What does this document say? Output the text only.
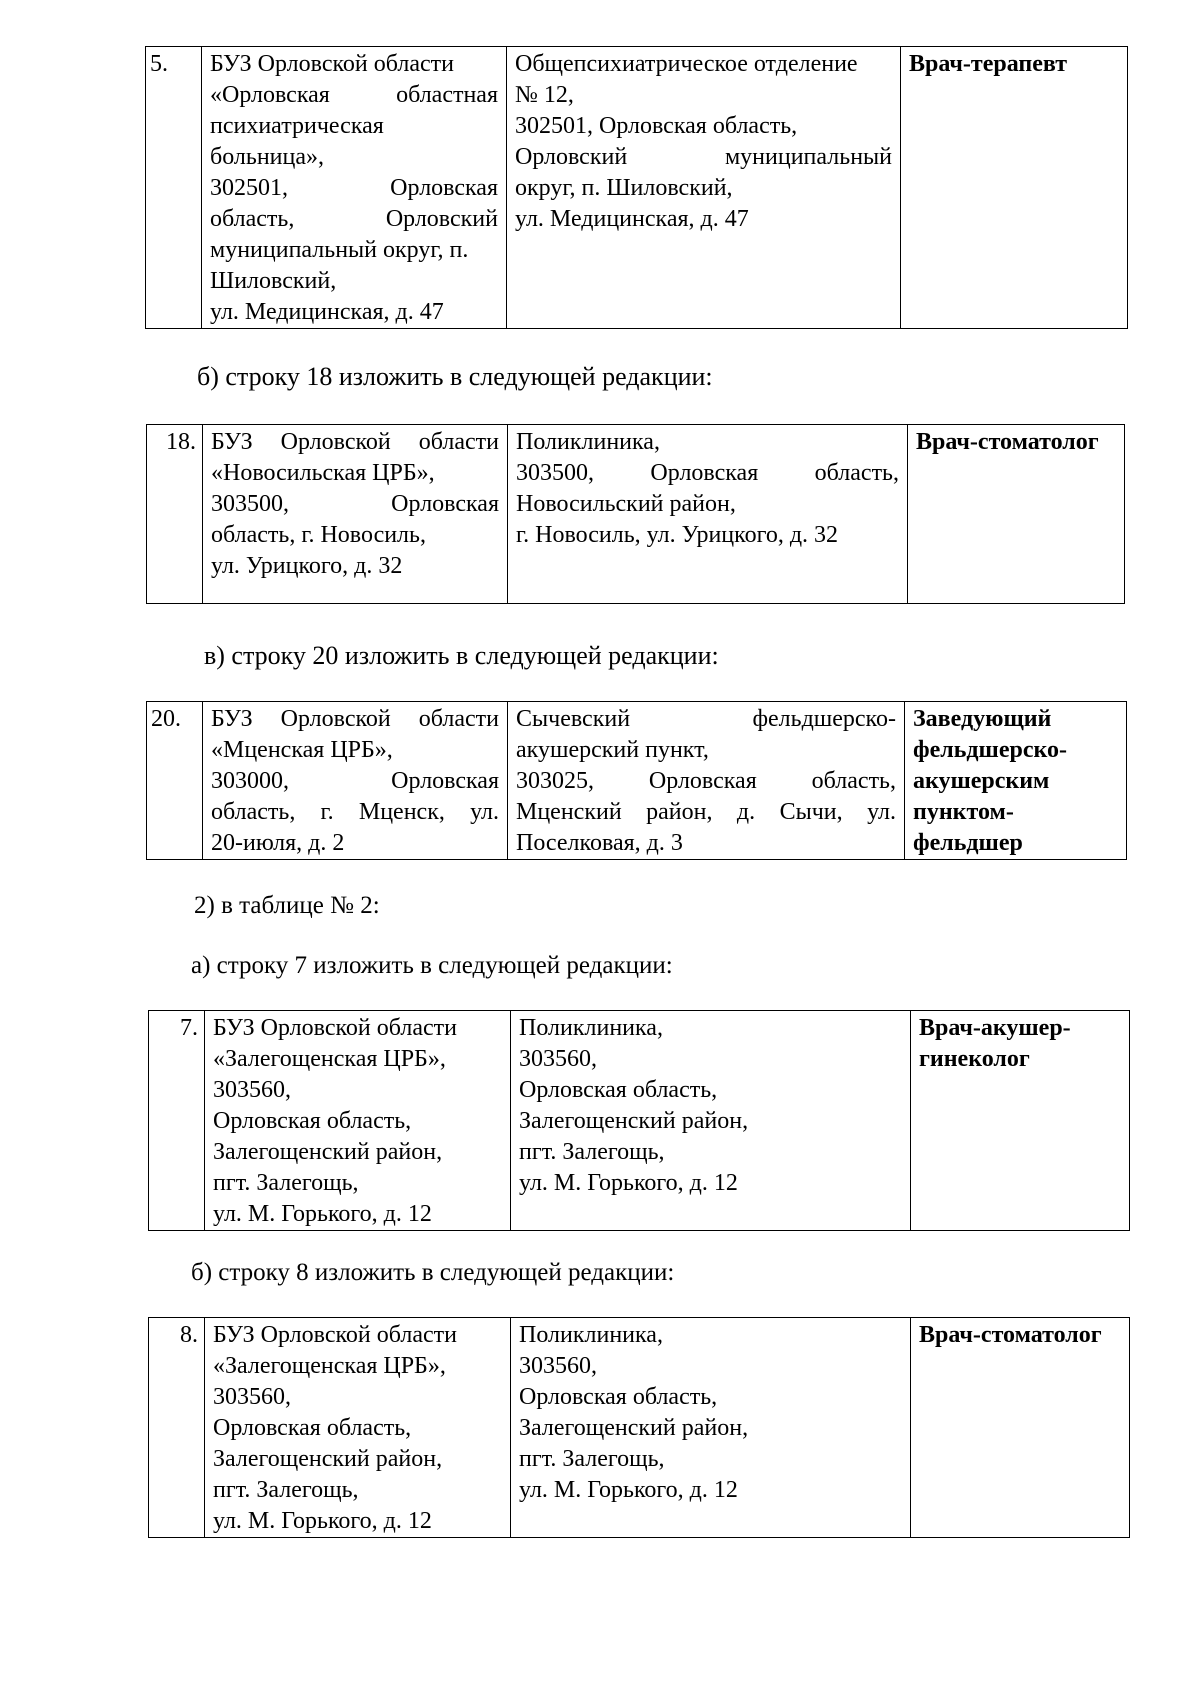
5.	БУЗ Орловской области
«Орловская областная
психиатрическая
больница»,
302501, Орловская
область, Орловский
муниципальный округ, п.
Шиловский,
ул. Медицинская, д. 47

Общепсихиатрическое отделение
№ 12,
302501, Орловская область,
Орловский муниципальный
округ, п. Шиловский,
ул. Медицинская, д. 47

Врач-терапевт
б) строку 18 изложить в следующей редакции:
18.	БУЗ Орловской области
«Новосильская ЦРБ»,
303500, Орловская
область, г. Новосиль,
ул. Урицкого, д. 32

Поликлиника,
303500, Орловская область,
Новосильский район,
г. Новосиль, ул. Урицкого, д. 32

Врач-стоматолог
в) строку 20 изложить в следующей редакции:
20.	БУЗ Орловской области
«Мценская ЦРБ»,
303000, Орловская
область, г. Мценск, ул.
20-июля, д. 2

Сычевский фельдшерско-
акушерский пункт,
303025, Орловская область,
Мценский район, д. Сычи, ул.
Поселковая, д. 3

Заведующий
фельдшерско-
акушерским
пунктом-
фельдшер
2) в таблице № 2:
а) строку 7 изложить в следующей редакции:
7.	БУЗ Орловской области
«Залегощенская ЦРБ»,
303560,
Орловская область,
Залегощенский район,
пгт. Залегощь,
ул. М. Горького, д. 12

Поликлиника,
303560,
Орловская область,
Залегощенский район,
пгт. Залегощь,
ул. М. Горького, д. 12

Врач-акушер-
гинеколог
б) строку 8 изложить в следующей редакции:
8.	БУЗ Орловской области
«Залегощенская ЦРБ»,
303560,
Орловская область,
Залегощенский район,
пгт. Залегощь,
ул. М. Горького, д. 12

Поликлиника,
303560,
Орловская область,
Залегощенский район,
пгт. Залегощь,
ул. М. Горького, д. 12

Врач-стоматолог
